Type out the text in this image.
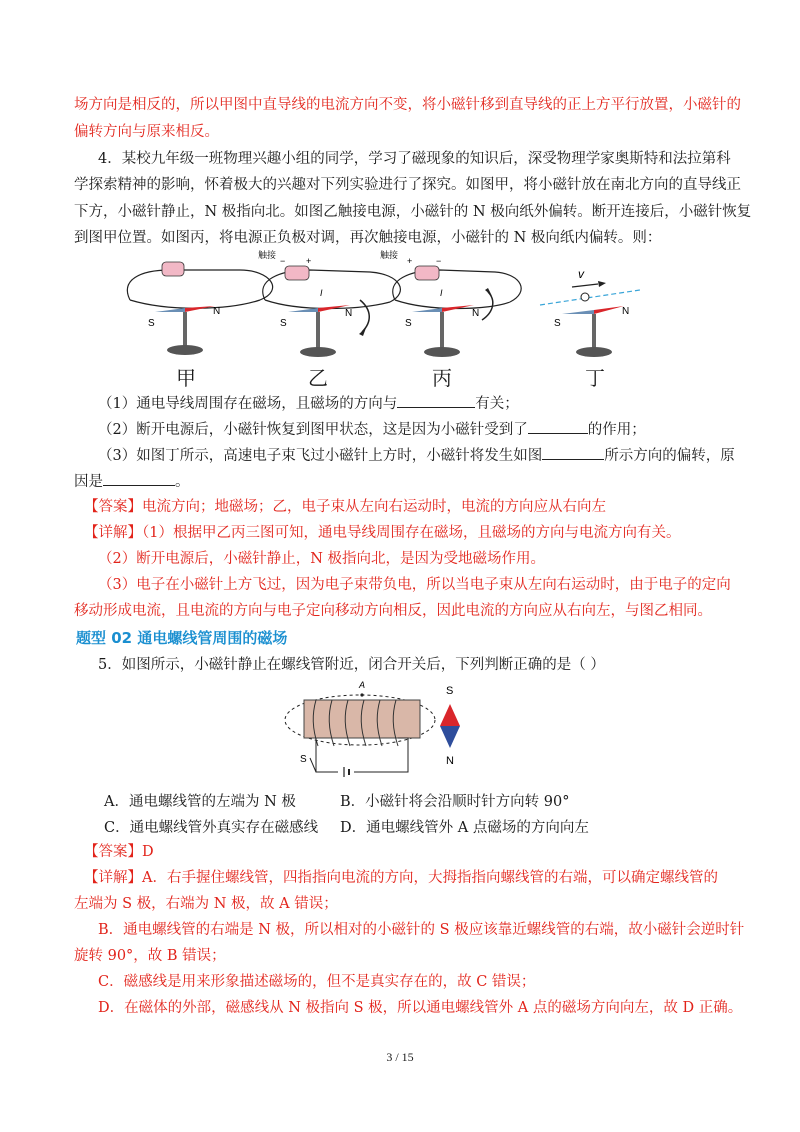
场方向是相反的，所以甲图中直导线的电流方向不变，将小磁针移到直导线的正上方平行放置，小磁针的
偏转方向与原来相反。
4．某校九年级一班物理兴趣小组的同学，学习了磁现象的知识后，深受物理学家奥斯特和法拉第科
学探索精神的影响，怀着极大的兴趣对下列实验进行了探究。如图甲，将小磁针放在南北方向的直导线正
下方，小磁针静止，N 极指向北。如图乙触接电源，小磁针的 N 极向纸外偏转。断开连接后，小磁针恢复
到图甲位置。如图丙，将电源正负极对调，再次触接电源，小磁针的 N 极向纸内偏转。则：
S
N
触接
− +
I
S
N
触接
+	−
I
S
N
v
S
N
甲	乙	丙	丁
（1）通电导线周围存在磁场，且磁场的方向与	有关；
（2）断开电源后，小磁针恢复到图甲状态，这是因为小磁针受到了	的作用；
（3）如图丁所示，高速电子束飞过小磁针上方时，小磁针将发生如图	所示方向的偏转，原
因是	。
【答案】电流方向；地磁场；乙，电子束从左向右运动时，电流的方向应从右向左
【详解】（1）根据甲乙丙三图可知，通电导线周围存在磁场，且磁场的方向与电流方向有关。
（2）断开电源后，小磁针静止，N 极指向北，是因为受地磁场作用。
（3）电子在小磁针上方飞过，因为电子束带负电，所以当电子束从左向右运动时，由于电子的定向
移动形成电流，且电流的方向与电子定向移动方向相反，因此电流的方向应从右向左，与图乙相同。
题型 02 通电螺线管周围的磁场
5．如图所示，小磁针静止在螺线管附近，闭合开关后，下列判断正确的是（ ）
A
S
S
N
A．通电螺线管的左端为 N 极	B．小磁针将会沿顺时针方向转 90°
C．通电螺线管外真实存在磁感线 D．通电螺线管外 A 点磁场的方向向左
【答案】D
【详解】A．右手握住螺线管，四指指向电流的方向，大拇指指向螺线管的右端，可以确定螺线管的
左端为 S 极，右端为 N 极，故 A 错误；
B．通电螺线管的右端是 N 极，所以相对的小磁针的 S 极应该靠近螺线管的右端，故小磁针会逆时针
旋转 90°，故 B 错误；
C．磁感线是用来形象描述磁场的，但不是真实存在的，故 C 错误；
D．在磁体的外部，磁感线从 N 极指向 S 极，所以通电螺线管外 A 点的磁场方向向左，故 D 正确。
3 / 15
